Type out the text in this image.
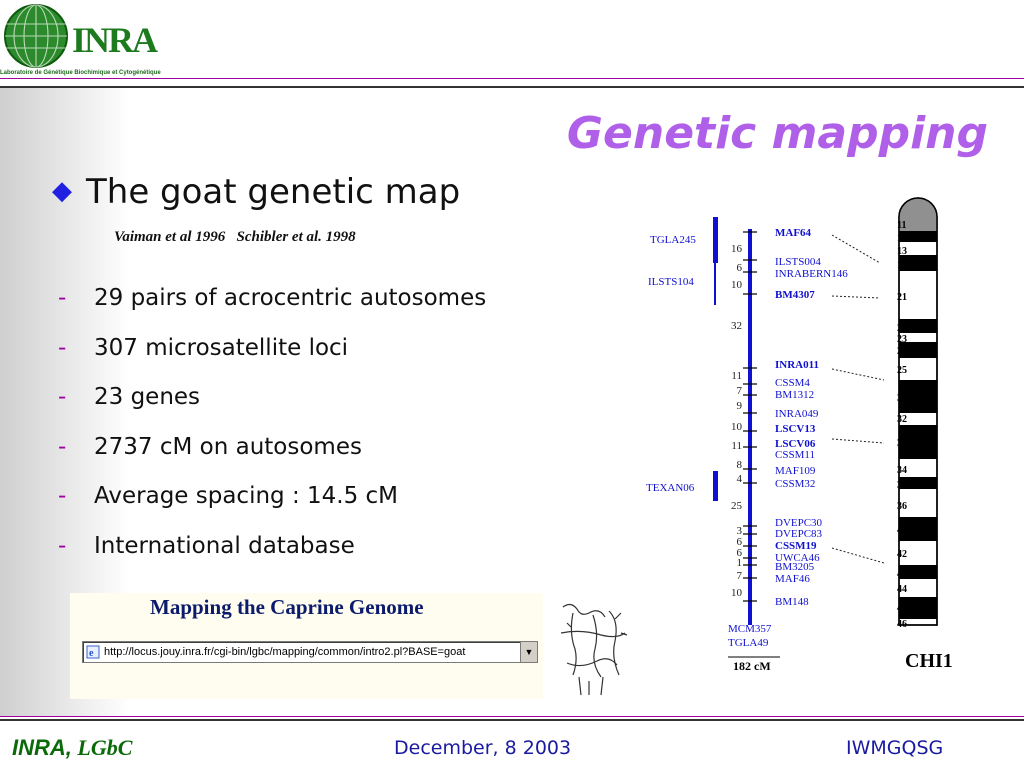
INRA
Laboratoire de Génétique Biochimique et Cytogénétique
Genetic mapping
◆ The goat genetic map
Vaiman et al 1996   Schibler et al. 1998
- 29 pairs of acrocentric autosomes
- 307 microsatellite loci
- 23 genes
- 2737 cM on autosomes
- Average spacing : 14.5 cM
- International database
Mapping the Caprine Genome
e http://locus.jouy.inra.fr/cgi-bin/lgbc/mapping/common/intro2.pl?BASE=goat	▼
11
12
13
14
21
22
23
24
25
31
32
33
34
35
36
41
42
43
44
45
46
CHI1
TGLA245
ILSTS104
TEXAN06
16
6
10
32
11
7
9
10
11
8
4
25
3
6
6
1
7
10
MAF64
ILSTS004
INRABERN146
BM4307
INRA011
CSSM4
BM1312
INRA049
LSCV13
LSCV06
CSSM11
MAF109
CSSM32
DVEPC30
DVEPC83
CSSM19
UWCA46
BM3205
MAF46
BM148
MCM357
TGLA49
182 cM
INRA, LGbC	December, 8 2003	IWMGQSG
